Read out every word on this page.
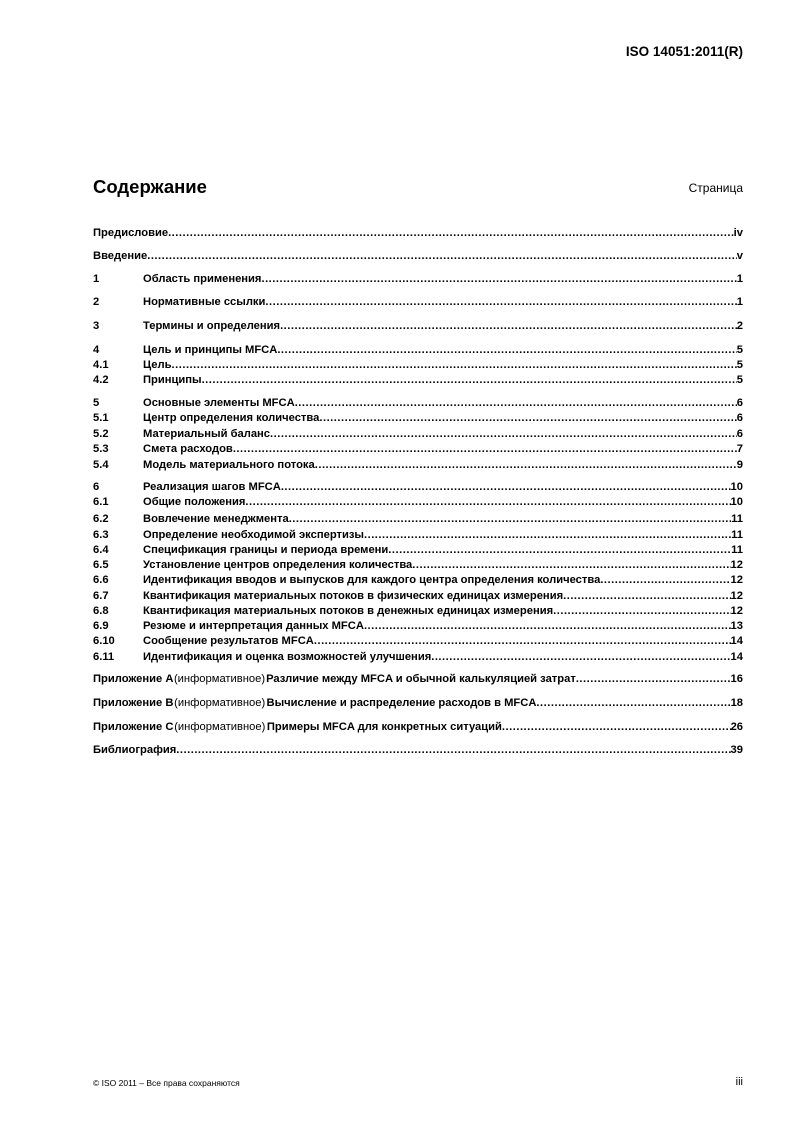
ISO 14051:2011(R)
Содержание	Страница
Предисловие .....	iv
Введение .....	v
1	Область применения .....	1
2	Нормативные ссылки .....	1
3	Термины и определения .....	2
4	Цель и принципы MFCA .....	5
4.1	Цель .....	5
4.2	Принципы .....	5
5	Основные элементы MFCA .....	6
5.1	Центр определения количества .....	6
5.2	Материальный баланс .....	6
5.3	Смета расходов .....	7
5.4	Модель материального потока .....	9
6	Реализация шагов MFCA .....	10
6.1	Общие положения .....	10
6.2	Вовлечение менеджмента .....	11
6.3	Определение необходимой экспертизы .....	11
6.4	Спецификация границы и периода времени .....	11
6.5	Установление центров определения количества .....	12
6.6	Идентификация вводов и выпусков для каждого центра определения количества .....	12
6.7	Квантификация материальных потоков в физических единицах измерения .....	12
6.8	Квантификация материальных потоков в денежных единицах измерения .....	12
6.9	Резюме и интерпретация данных MFCA .....	13
6.10	Сообщение результатов MFCA .....	14
6.11	Идентификация и оценка возможностей улучшения .....	14
Приложение А (информативное) Различие между MFCA и обычной калькуляцией затрат .....	16
Приложение В (информативное) Вычисление и распределение расходов в MFCA .....	18
Приложение С (информативное) Примеры MFCA для конкретных ситуаций .....	26
Библиография .....	39
© ISO 2011 – Все права сохраняются	iii
